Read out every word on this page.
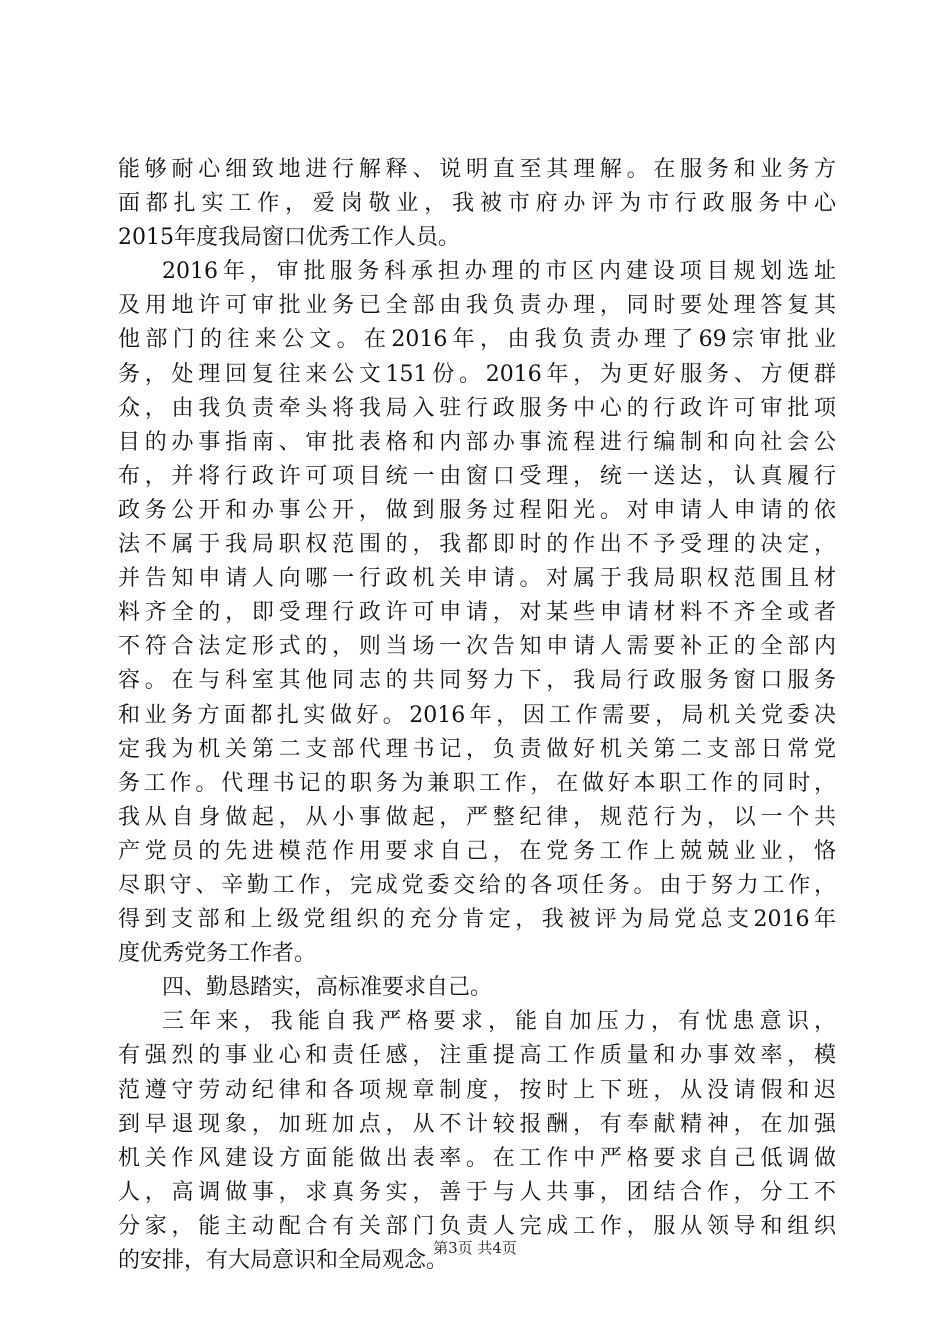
能够耐心细致地进行解释、说明直至其理解。在服务和业务方
面都扎实工作，爱岗敬业，我被市府办评为市行政服务中心
2015年度我局窗口优秀工作人员。
2016年，审批服务科承担办理的市区内建设项目规划选址
及用地许可审批业务已全部由我负责办理，同时要处理答复其
他部门的往来公文。在2016年，由我负责办理了69宗审批业
务，处理回复往来公文151份。2016年，为更好服务、方便群
众，由我负责牵头将我局入驻行政服务中心的行政许可审批项
目的办事指南、审批表格和内部办事流程进行编制和向社会公
布，并将行政许可项目统一由窗口受理，统一送达，认真履行
政务公开和办事公开，做到服务过程阳光。对申请人申请的依
法不属于我局职权范围的，我都即时的作出不予受理的决定，
并告知申请人向哪一行政机关申请。对属于我局职权范围且材
料齐全的，即受理行政许可申请，对某些申请材料不齐全或者
不符合法定形式的，则当场一次告知申请人需要补正的全部内
容。在与科室其他同志的共同努力下，我局行政服务窗口服务
和业务方面都扎实做好。2016年，因工作需要，局机关党委决
定我为机关第二支部代理书记，负责做好机关第二支部日常党
务工作。代理书记的职务为兼职工作，在做好本职工作的同时，
我从自身做起，从小事做起，严整纪律，规范行为，以一个共
产党员的先进模范作用要求自己，在党务工作上兢兢业业，恪
尽职守、辛勤工作，完成党委交给的各项任务。由于努力工作，
得到支部和上级党组织的充分肯定，我被评为局党总支2016年
度优秀党务工作者。
四、勤恳踏实，高标准要求自己。
三年来，我能自我严格要求，能自加压力，有忧患意识，
有强烈的事业心和责任感，注重提高工作质量和办事效率，模
范遵守劳动纪律和各项规章制度，按时上下班，从没请假和迟
到早退现象，加班加点，从不计较报酬，有奉献精神，在加强
机关作风建设方面能做出表率。在工作中严格要求自己低调做
人，高调做事，求真务实，善于与人共事，团结合作，分工不
分家，能主动配合有关部门负责人完成工作，服从领导和组织
的安排，有大局意识和全局观念。
第3页 共4页
